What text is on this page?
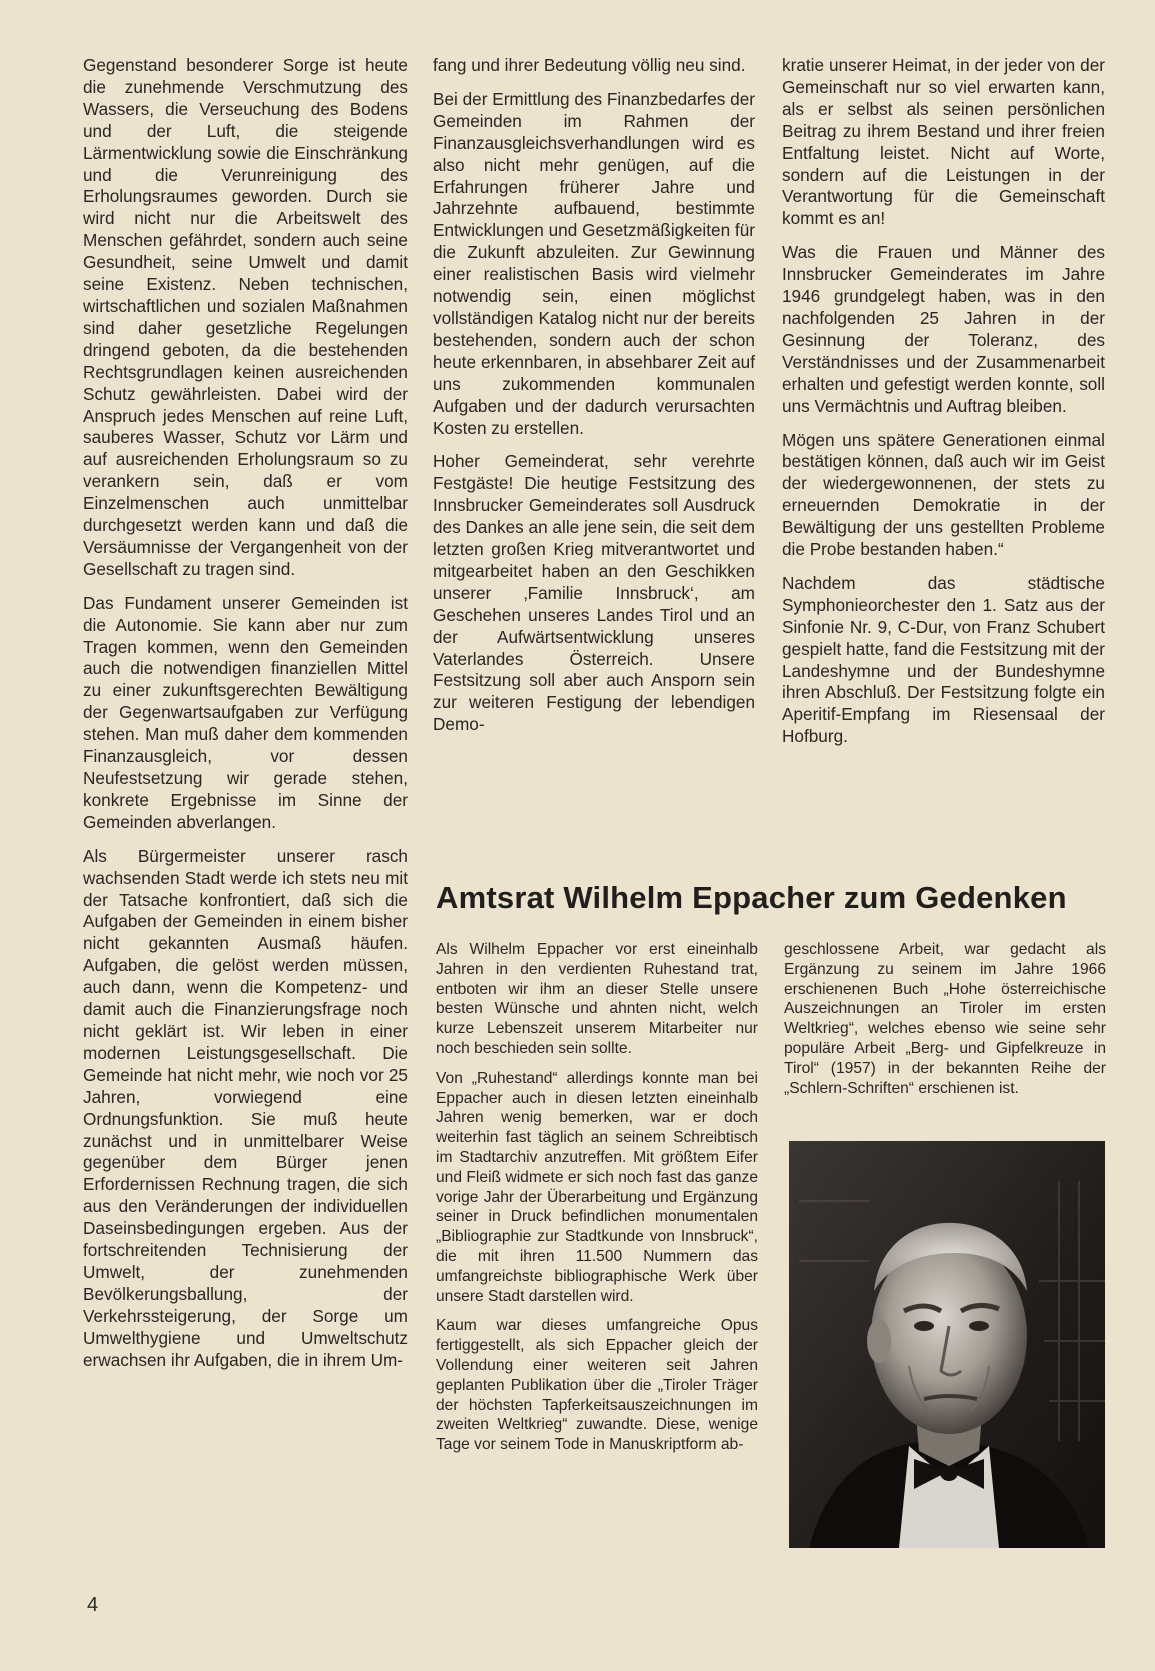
Gegenstand besonderer Sorge ist heute die zunehmende Verschmutzung des Wassers, die Verseuchung des Bodens und der Luft, die steigende Lärmentwicklung sowie die Einschränkung und die Verunreinigung des Erholungsraumes geworden. Durch sie wird nicht nur die Arbeitswelt des Menschen gefährdet, sondern auch seine Gesundheit, seine Umwelt und damit seine Existenz. Neben technischen, wirtschaftlichen und sozialen Maßnahmen sind daher gesetzliche Regelungen dringend geboten, da die bestehenden Rechtsgrundlagen keinen ausreichenden Schutz gewährleisten. Dabei wird der Anspruch jedes Menschen auf reine Luft, sauberes Wasser, Schutz vor Lärm und auf ausreichenden Erholungsraum so zu verankern sein, daß er vom Einzelmenschen auch unmittelbar durchgesetzt werden kann und daß die Versäumnisse der Vergangenheit von der Gesellschaft zu tragen sind.

Das Fundament unserer Gemeinden ist die Autonomie. Sie kann aber nur zum Tragen kommen, wenn den Gemeinden auch die notwendigen finanziellen Mittel zu einer zukunftsgerechten Bewältigung der Gegenwartsaufgaben zur Verfügung stehen. Man muß daher dem kommenden Finanzausgleich, vor dessen Neufestsetzung wir gerade stehen, konkrete Ergebnisse im Sinne der Gemeinden abverlangen.

Als Bürgermeister unserer rasch wachsenden Stadt werde ich stets neu mit der Tatsache konfrontiert, daß sich die Aufgaben der Gemeinden in einem bisher nicht gekannten Ausmaß häufen. Aufgaben, die gelöst werden müssen, auch dann, wenn die Kompetenz- und damit auch die Finanzierungsfrage noch nicht geklärt ist. Wir leben in einer modernen Leistungsgesellschaft. Die Gemeinde hat nicht mehr, wie noch vor 25 Jahren, vorwiegend eine Ordnungsfunktion. Sie muß heute zunächst und in unmittelbarer Weise gegenüber dem Bürger jenen Erfordernissen Rechnung tragen, die sich aus den Veränderungen der individuellen Daseinsbedingungen ergeben. Aus der fortschreitenden Technisierung der Umwelt, der zunehmenden Bevölkerungsballung, der Verkehrssteigerung, der Sorge um Umwelthygiene und Umweltschutz erwachsen ihr Aufgaben, die in ihrem Um-

fang und ihrer Bedeutung völlig neu sind.

Bei der Ermittlung des Finanzbedarfes der Gemeinden im Rahmen der Finanzausgleichsverhandlungen wird es also nicht mehr genügen, auf die Erfahrungen früherer Jahre und Jahrzehnte aufbauend, bestimmte Entwicklungen und Gesetzmäßigkeiten für die Zukunft abzuleiten. Zur Gewinnung einer realistischen Basis wird vielmehr notwendig sein, einen möglichst vollständigen Katalog nicht nur der bereits bestehenden, sondern auch der schon heute erkennbaren, in absehbarer Zeit auf uns zukommenden kommunalen Aufgaben und der dadurch verursachten Kosten zu erstellen.

Hoher Gemeinderat, sehr verehrte Festgäste! Die heutige Festsitzung des Innsbrucker Gemeinderates soll Ausdruck des Dankes an alle jene sein, die seit dem letzten großen Krieg mitverantwortet und mitgearbeitet haben an den Geschikken unserer ‚Familie Innsbruck‘, am Geschehen unseres Landes Tirol und an der Aufwärtsentwicklung unseres Vaterlandes Österreich. Unsere Festsitzung soll aber auch Ansporn sein zur weiteren Festigung der lebendigen Demo-

kratie unserer Heimat, in der jeder von der Gemeinschaft nur so viel erwarten kann, als er selbst als seinen persönlichen Beitrag zu ihrem Bestand und ihrer freien Entfaltung leistet. Nicht auf Worte, sondern auf die Leistungen in der Verantwortung für die Gemeinschaft kommt es an!

Was die Frauen und Männer des Innsbrucker Gemeinderates im Jahre 1946 grundgelegt haben, was in den nachfolgenden 25 Jahren in der Gesinnung der Toleranz, des Verständnisses und der Zusammenarbeit erhalten und gefestigt werden konnte, soll uns Vermächtnis und Auftrag bleiben.

Mögen uns spätere Generationen einmal bestätigen können, daß auch wir im Geist der wiedergewonnenen, der stets zu erneuernden Demokratie in der Bewältigung der uns gestellten Probleme die Probe bestanden haben.“

Nachdem das städtische Symphonieorchester den 1. Satz aus der Sinfonie Nr. 9, C-Dur, von Franz Schubert gespielt hatte, fand die Festsitzung mit der Landeshymne und der Bundeshymne ihren Abschluß. Der Festsitzung folgte ein Aperitif-Empfang im Riesensaal der Hofburg.

Amtsrat Wilhelm Eppacher zum Gedenken

Als Wilhelm Eppacher vor erst eineinhalb Jahren in den verdienten Ruhestand trat, entboten wir ihm an dieser Stelle unsere besten Wünsche und ahnten nicht, welch kurze Lebenszeit unserem Mitarbeiter nur noch beschieden sein sollte.

Von „Ruhestand“ allerdings konnte man bei Eppacher auch in diesen letzten eineinhalb Jahren wenig bemerken, war er doch weiterhin fast täglich an seinem Schreibtisch im Stadtarchiv anzutreffen. Mit größtem Eifer und Fleiß widmete er sich noch fast das ganze vorige Jahr der Überarbeitung und Ergänzung seiner in Druck befindlichen monumentalen „Bibliographie zur Stadtkunde von Innsbruck“, die mit ihren 11.500 Nummern das umfangreichste bibliographische Werk über unsere Stadt darstellen wird.

Kaum war dieses umfangreiche Opus fertiggestellt, als sich Eppacher gleich der Vollendung einer weiteren seit Jahren geplanten Publikation über die „Tiroler Träger der höchsten Tapferkeitsauszeichnungen im zweiten Weltkrieg“ zuwandte. Diese, wenige Tage vor seinem Tode in Manuskriptform ab-

geschlossene Arbeit, war gedacht als Ergänzung zu seinem im Jahre 1966 erschienenen Buch „Hohe österreichische Auszeichnungen an Tiroler im ersten Weltkrieg“, welches ebenso wie seine sehr populäre Arbeit „Berg- und Gipfelkreuze in Tirol“ (1957) in der bekannten Reihe der „Schlern-Schriften“ erschienen ist.

4
